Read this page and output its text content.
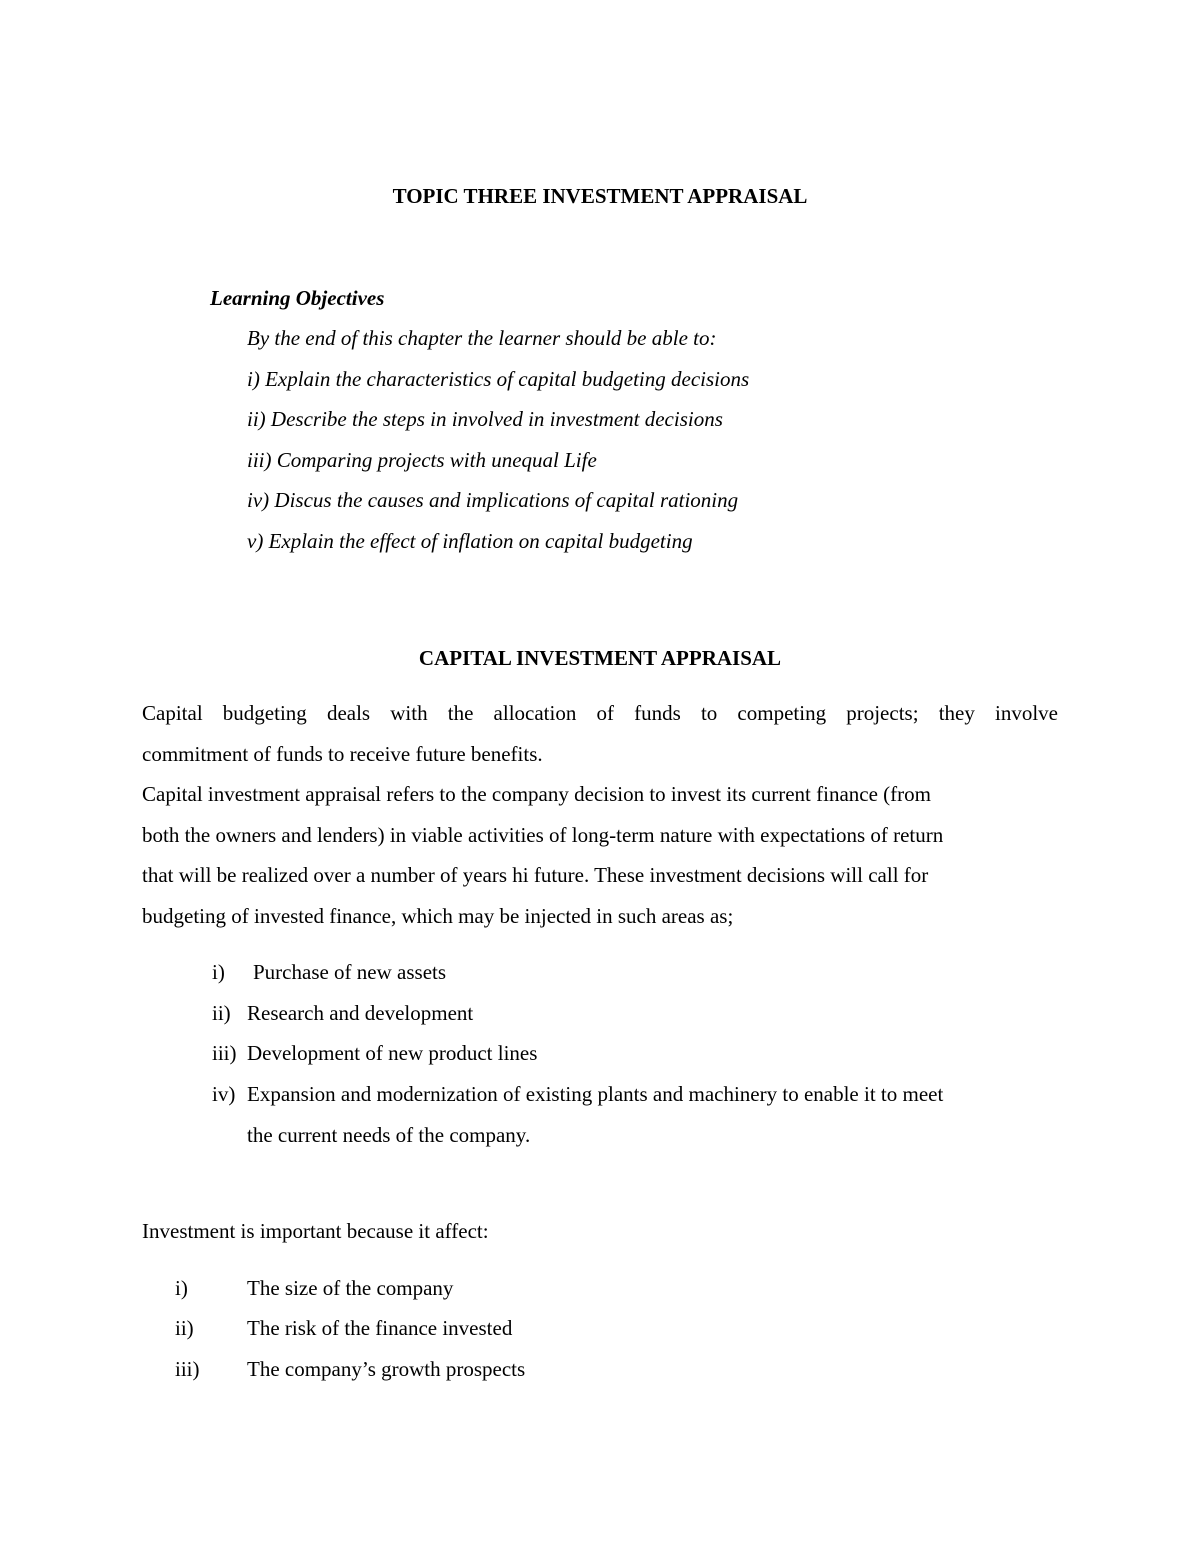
TOPIC THREE INVESTMENT APPRAISAL

Learning Objectives

By the end of this chapter the learner should be able to:

i) Explain the characteristics of capital budgeting decisions

ii) Describe the steps in involved in investment decisions

iii) Comparing projects with unequal Life

iv) Discus the causes and implications of capital rationing

v) Explain the effect of inflation on capital budgeting

CAPITAL INVESTMENT APPRAISAL

Capital budgeting deals with the allocation of funds to competing projects; they involve

commitment of funds to receive future benefits.

Capital investment appraisal refers to the company decision to invest its current finance (from

both the owners and lenders) in viable activities of long-term nature with expectations of return

that will be realized over a number of years hi future. These investment decisions will call for

budgeting of invested finance, which may be injected in such areas as;

i) Purchase of new assets

ii) Research and development

iii) Development of new product lines

iv) Expansion and modernization of existing plants and machinery to enable it to meet

the current needs of the company.

Investment is important because it affect:

i)	The size of the company

ii)	The risk of the finance invested

iii) The company’s growth prospects
